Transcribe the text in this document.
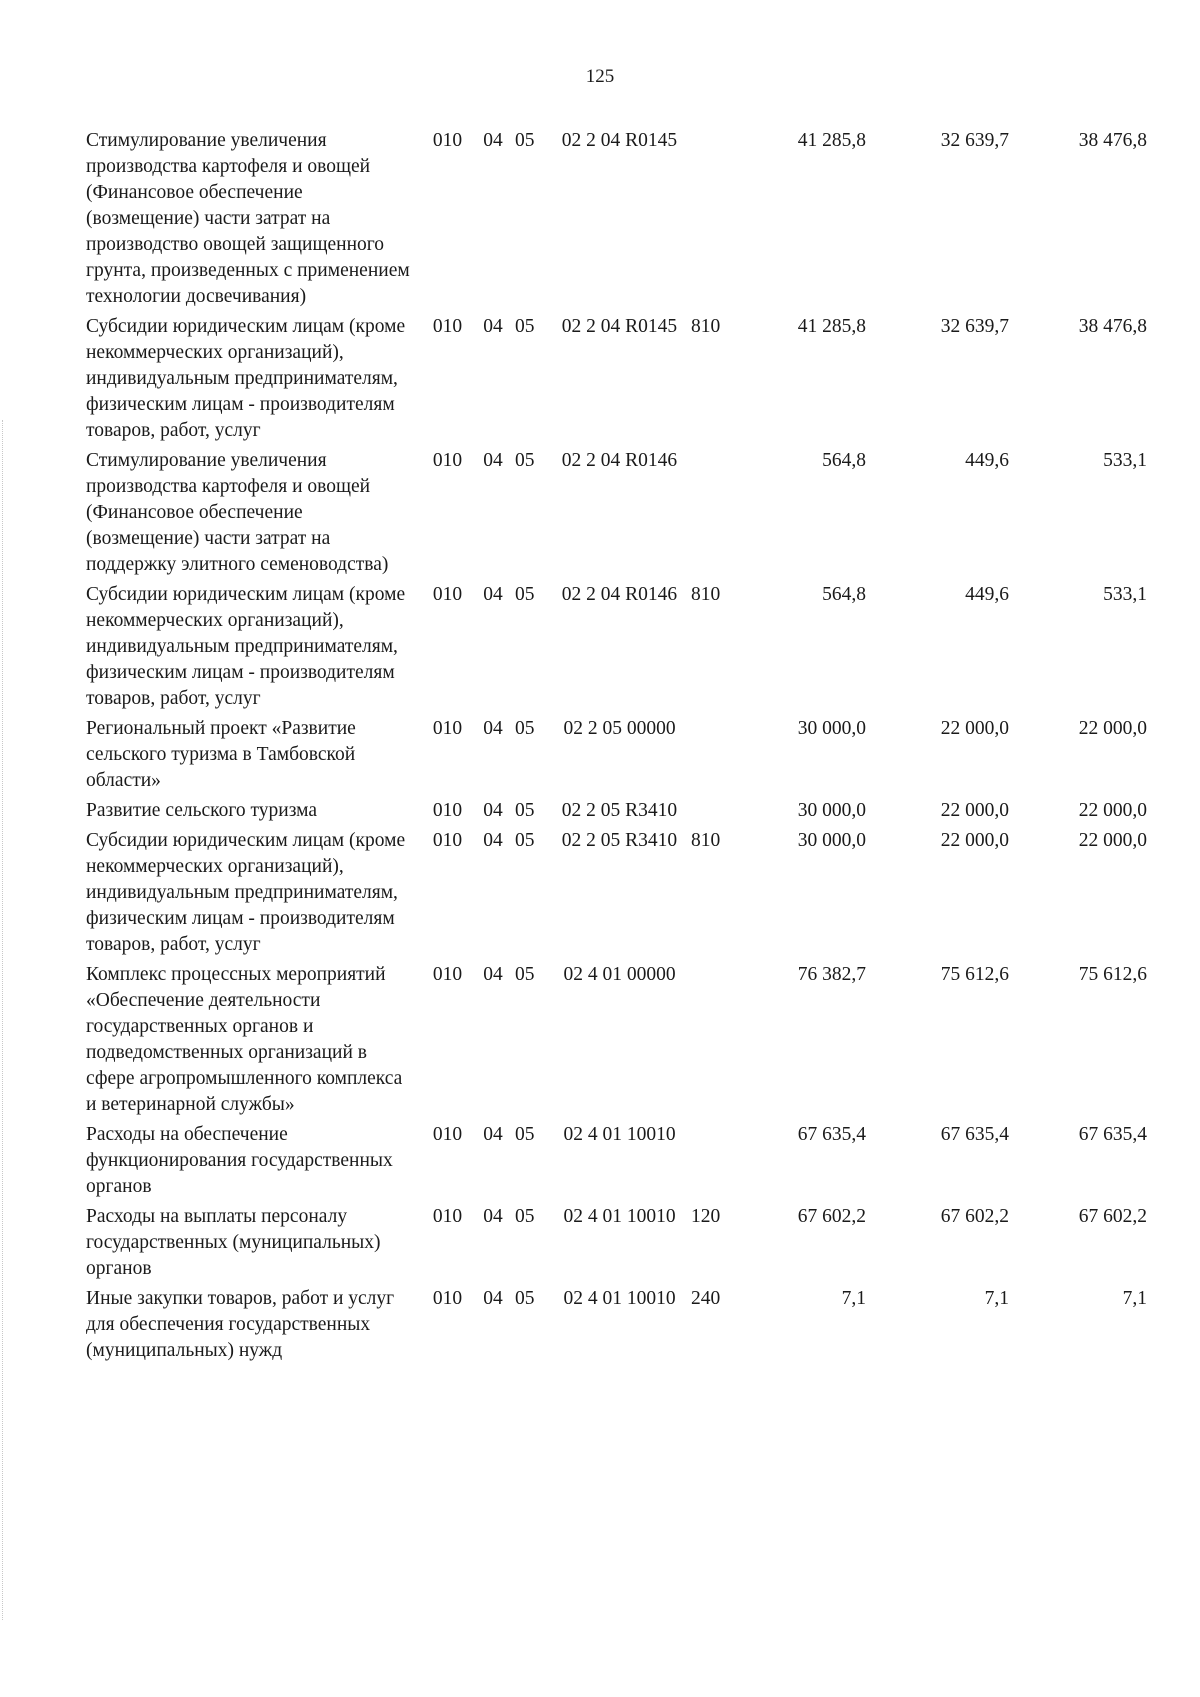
125
Стимулирование увеличения производства картофеля и овощей (Финансовое обеспечение (возмещение) части затрат на производство овощей защищенного грунта, произведенных с применением технологии досвечивания)	010	04	05	02 2 04 R0145		41 285,8	32 639,7	38 476,8
Субсидии юридическим лицам (кроме некоммерческих организаций), индивидуальным предпринимателям, физическим лицам - производителям товаров, работ, услуг	010	04	05	02 2 04 R0145	810	41 285,8	32 639,7	38 476,8
Стимулирование увеличения производства картофеля и овощей (Финансовое обеспечение (возмещение) части затрат на поддержку элитного семеноводства)	010	04	05	02 2 04 R0146		564,8	449,6	533,1
Субсидии юридическим лицам (кроме некоммерческих организаций), индивидуальным предпринимателям, физическим лицам - производителям товаров, работ, услуг	010	04	05	02 2 04 R0146	810	564,8	449,6	533,1
Региональный проект «Развитие сельского туризма в Тамбовской области»	010	04	05	02 2 05 00000		30 000,0	22 000,0	22 000,0
Развитие сельского туризма	010	04	05	02 2 05 R3410		30 000,0	22 000,0	22 000,0
Субсидии юридическим лицам (кроме некоммерческих организаций), индивидуальным предпринимателям, физическим лицам - производителям товаров, работ, услуг	010	04	05	02 2 05 R3410	810	30 000,0	22 000,0	22 000,0
Комплекс процессных мероприятий «Обеспечение деятельности государственных органов и подведомственных организаций в сфере агропромышленного комплекса и ветеринарной службы»	010	04	05	02 4 01 00000		76 382,7	75 612,6	75 612,6
Расходы на обеспечение функционирования государственных органов	010	04	05	02 4 01 10010		67 635,4	67 635,4	67 635,4
Расходы на выплаты персоналу государственных (муниципальных) органов	010	04	05	02 4 01 10010	120	67 602,2	67 602,2	67 602,2
Иные закупки товаров, работ и услуг для обеспечения государственных (муниципальных) нужд	010	04	05	02 4 01 10010	240	7,1	7,1	7,1
